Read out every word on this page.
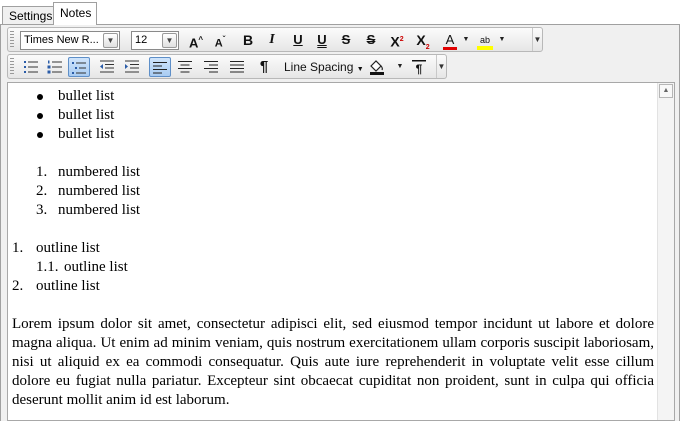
Settings Notes
Times New R... ▼	12	▼	A^	$A^ˇ$	B	I	U	U	S	S	$X^2$ $X_2$
A	▼	ab	▼	▼
¶	Line Spacing ▼	▼ ¶ ▼
bullet list
bullet list
bullet list
1. numbered list
2. numbered list
3. numbered list
1. outline list
1.1. outline list
2. outline list

Lorem ipsum dolor sit amet, consectetur adipisci elit, sed eiusmod tempor incidunt ut labore et dolore magna aliqua. Ut enim ad minim veniam, quis nostrum exercitationem ullam corporis suscipit laboriosam, nisi ut aliquid ex ea commodi consequatur. Quis aute iure reprehenderit in voluptate velit esse cillum dolore eu fugiat nulla pariatur. Excepteur sint obcaecat cupiditat non proident, sunt in culpa qui officia deserunt mollit anim id est laborum.

▲
